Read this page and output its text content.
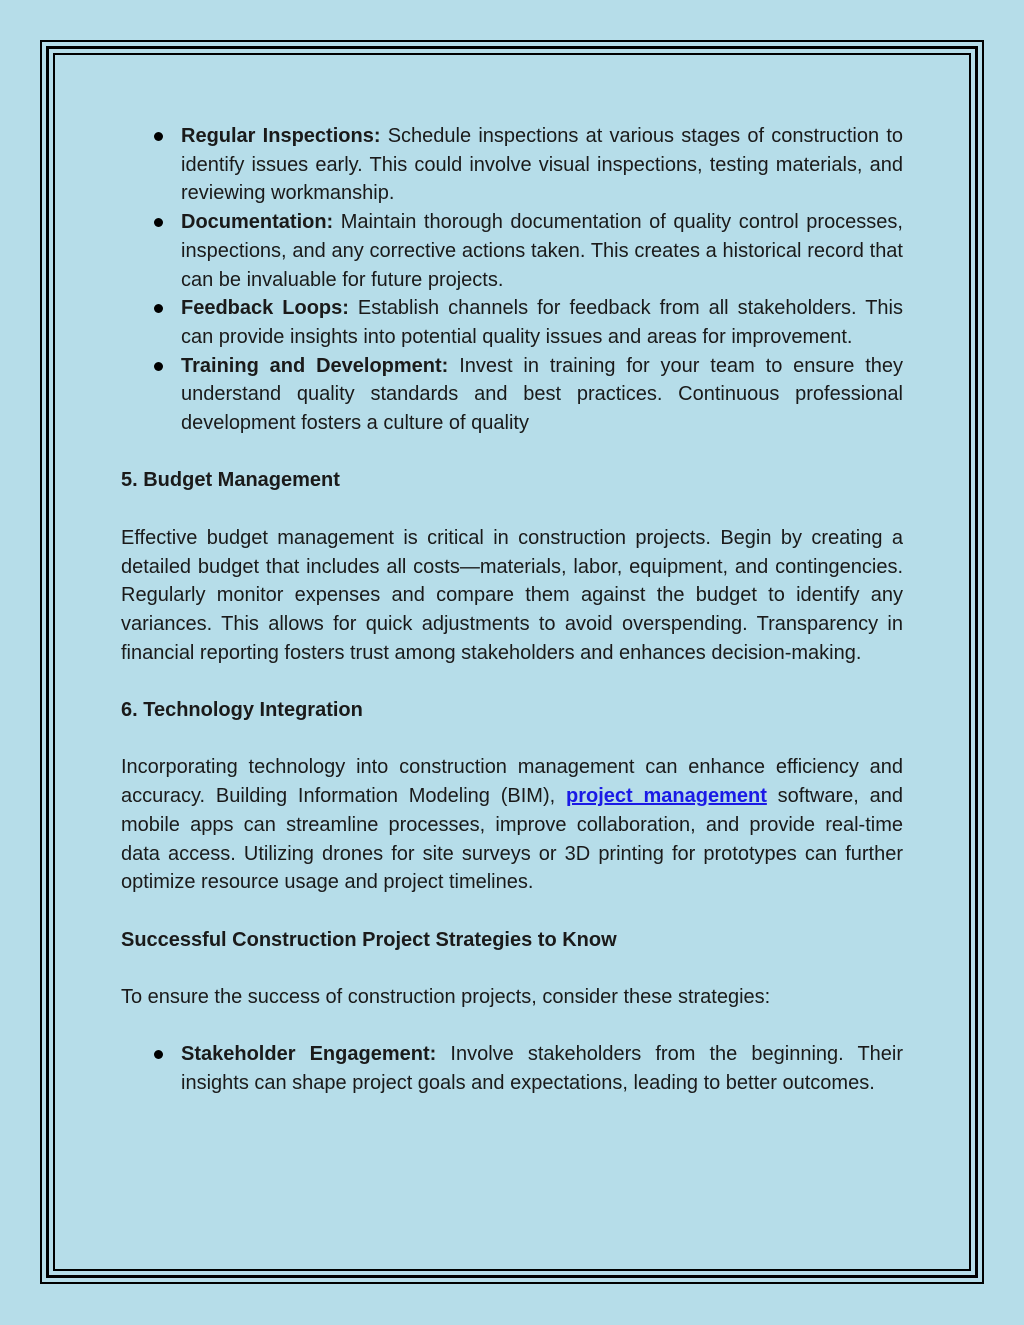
Regular Inspections: Schedule inspections at various stages of construction to identify issues early. This could involve visual inspections, testing materials, and reviewing workmanship.
Documentation: Maintain thorough documentation of quality control processes, inspections, and any corrective actions taken. This creates a historical record that can be invaluable for future projects.
Feedback Loops: Establish channels for feedback from all stakeholders. This can provide insights into potential quality issues and areas for improvement.
Training and Development: Invest in training for your team to ensure they understand quality standards and best practices. Continuous professional development fosters a culture of quality
5. Budget Management

Effective budget management is critical in construction projects. Begin by creating a detailed budget that includes all costs—materials, labor, equipment, and contingencies. Regularly monitor expenses and compare them against the budget to identify any variances. This allows for quick adjustments to avoid overspending. Transparency in financial reporting fosters trust among stakeholders and enhances decision-making.

6. Technology Integration

Incorporating technology into construction management can enhance efficiency and accuracy. Building Information Modeling (BIM), project management software, and mobile apps can streamline processes, improve collaboration, and provide real-time data access. Utilizing drones for site surveys or 3D printing for prototypes can further optimize resource usage and project timelines.

Successful Construction Project Strategies to Know

To ensure the success of construction projects, consider these strategies:

Stakeholder Engagement: Involve stakeholders from the beginning. Their insights can shape project goals and expectations, leading to better outcomes.
